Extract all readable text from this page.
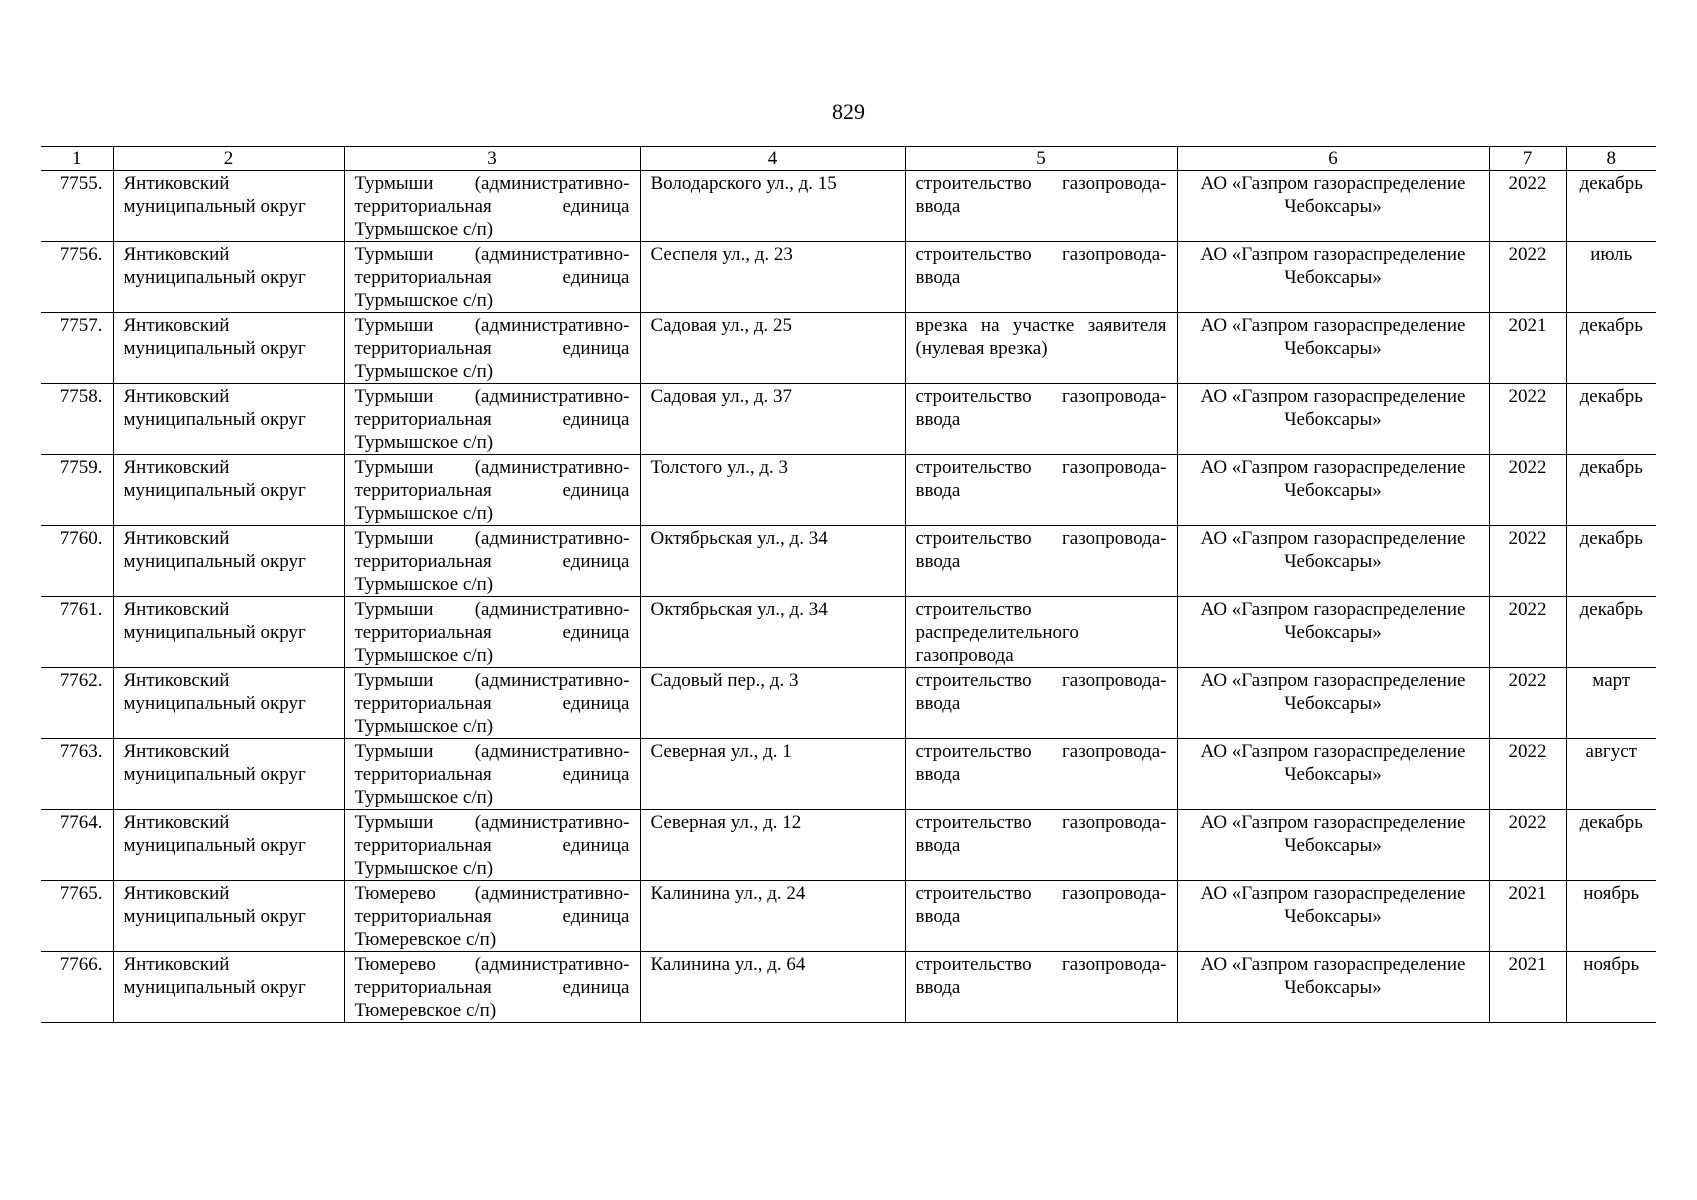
829
1	2	3	4	5	6	7	8
7755.	Янтиковский муниципальный округ	Турмыши (административно-территориальная единица Турмышское с/п)	Володарского ул., д. 15	строительство газопровода-ввода	АО «Газпром газораспределение Чебоксары»	2022	декабрь
7756.	Янтиковский муниципальный округ	Турмыши (административно-территориальная единица Турмышское с/п)	Сеспеля ул., д. 23	строительство газопровода-ввода	АО «Газпром газораспределение Чебоксары»	2022	июль
7757.	Янтиковский муниципальный округ	Турмыши (административно-территориальная единица Турмышское с/п)	Садовая ул., д. 25	врезка на участке заявителя (нулевая врезка)	АО «Газпром газораспределение Чебоксары»	2021	декабрь
7758.	Янтиковский муниципальный округ	Турмыши (административно-территориальная единица Турмышское с/п)	Садовая ул., д. 37	строительство газопровода-ввода	АО «Газпром газораспределение Чебоксары»	2022	декабрь
7759.	Янтиковский муниципальный округ	Турмыши (административно-территориальная единица Турмышское с/п)	Толстого ул., д. 3	строительство газопровода-ввода	АО «Газпром газораспределение Чебоксары»	2022	декабрь
7760.	Янтиковский муниципальный округ	Турмыши (административно-территориальная единица Турмышское с/п)	Октябрьская ул., д. 34	строительство газопровода-ввода	АО «Газпром газораспределение Чебоксары»	2022	декабрь
7761.	Янтиковский муниципальный округ	Турмыши (административно-территориальная единица Турмышское с/п)	Октябрьская ул., д. 34	строительство распределительного газопровода	АО «Газпром газораспределение Чебоксары»	2022	декабрь
7762.	Янтиковский муниципальный округ	Турмыши (административно-территориальная единица Турмышское с/п)	Садовый пер., д. 3	строительство газопровода-ввода	АО «Газпром газораспределение Чебоксары»	2022	март
7763.	Янтиковский муниципальный округ	Турмыши (административно-территориальная единица Турмышское с/п)	Северная ул., д. 1	строительство газопровода-ввода	АО «Газпром газораспределение Чебоксары»	2022	август
7764.	Янтиковский муниципальный округ	Турмыши (административно-территориальная единица Турмышское с/п)	Северная ул., д. 12	строительство газопровода-ввода	АО «Газпром газораспределение Чебоксары»	2022	декабрь
7765.	Янтиковский муниципальный округ	Тюмерево (административно-территориальная единица Тюмеревское с/п)	Калинина ул., д. 24	строительство газопровода-ввода	АО «Газпром газораспределение Чебоксары»	2021	ноябрь
7766.	Янтиковский муниципальный округ	Тюмерево (административно-территориальная единица Тюмеревское с/п)	Калинина ул., д. 64	строительство газопровода-ввода	АО «Газпром газораспределение Чебоксары»	2021	ноябрь
